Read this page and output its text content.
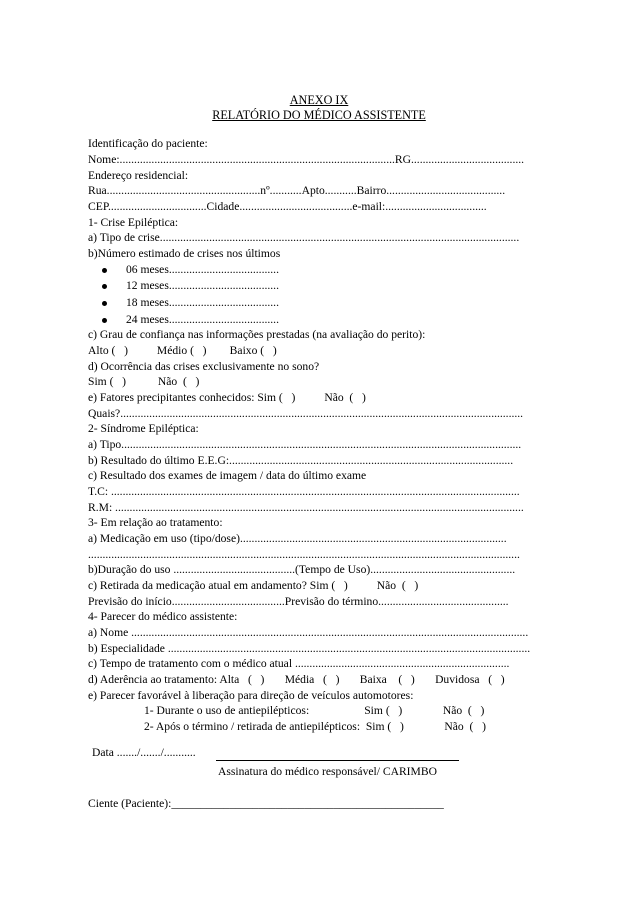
ANEXO IX
RELATÓRIO DO MÉDICO ASSISTENTE
Identificação do paciente:
Nome:...............................................................................................RG.......................................
Endereço residencial:
Rua.....................................................nº...........Apto...........Bairro.........................................
CEP..................................Cidade.......................................e-mail:...................................
1- Crise Epiléptica:
a) Tipo de crise............................................................................................................................
b)Número estimado de crises nos últimos
06 meses......................................
12 meses......................................
18 meses......................................
24 meses......................................
c) Grau de confiança nas informações prestadas (na avaliação do perito):
Alto (   )          Médio (   )        Baixo (   )
d) Ocorrência das crises exclusivamente no sono?
Sim (   )           Não  (   )
e) Fatores precipitantes conhecidos: Sim (   )          Não  (   )
Quais?...........................................................................................................................................
2- Síndrome Epiléptica:
a) Tipo..........................................................................................................................................
b) Resultado do último E.E.G:..................................................................................................
c) Resultado dos exames de imagem / data do último exame
T.C: .............................................................................................................................................
R.M: .............................................................................................................................................
3- Em relação ao tratamento:
a) Medicação em uso (tipo/dose)............................................................................................
.....................................................................................................................................................
b)Duração do uso ..........................................(Tempo de Uso)..................................................
c) Retirada da medicação atual em andamento? Sim (   )          Não  (   )
Previsão do início.......................................Previsão do término.............................................
4- Parecer do médico assistente:
a) Nome .........................................................................................................................................
b) Especialidade .............................................................................................................................
c) Tempo de tratamento com o médico atual ..........................................................................
d) Aderência ao tratamento: Alta   (   )       Média   (   )       Baixa    (   )       Duvidosa   (   )
e) Parecer favorável à liberação para direção de veículos automotores:
1- Durante o uso de antiepilépticos:                   Sim (   )              Não  (   )
2- Após o término / retirada de antiepilépticos:  Sim (   )              Não  (   )
Data ......./......./...........
Assinatura do médico responsável/ CARIMBO
Ciente (Paciente):_______________________________________________
